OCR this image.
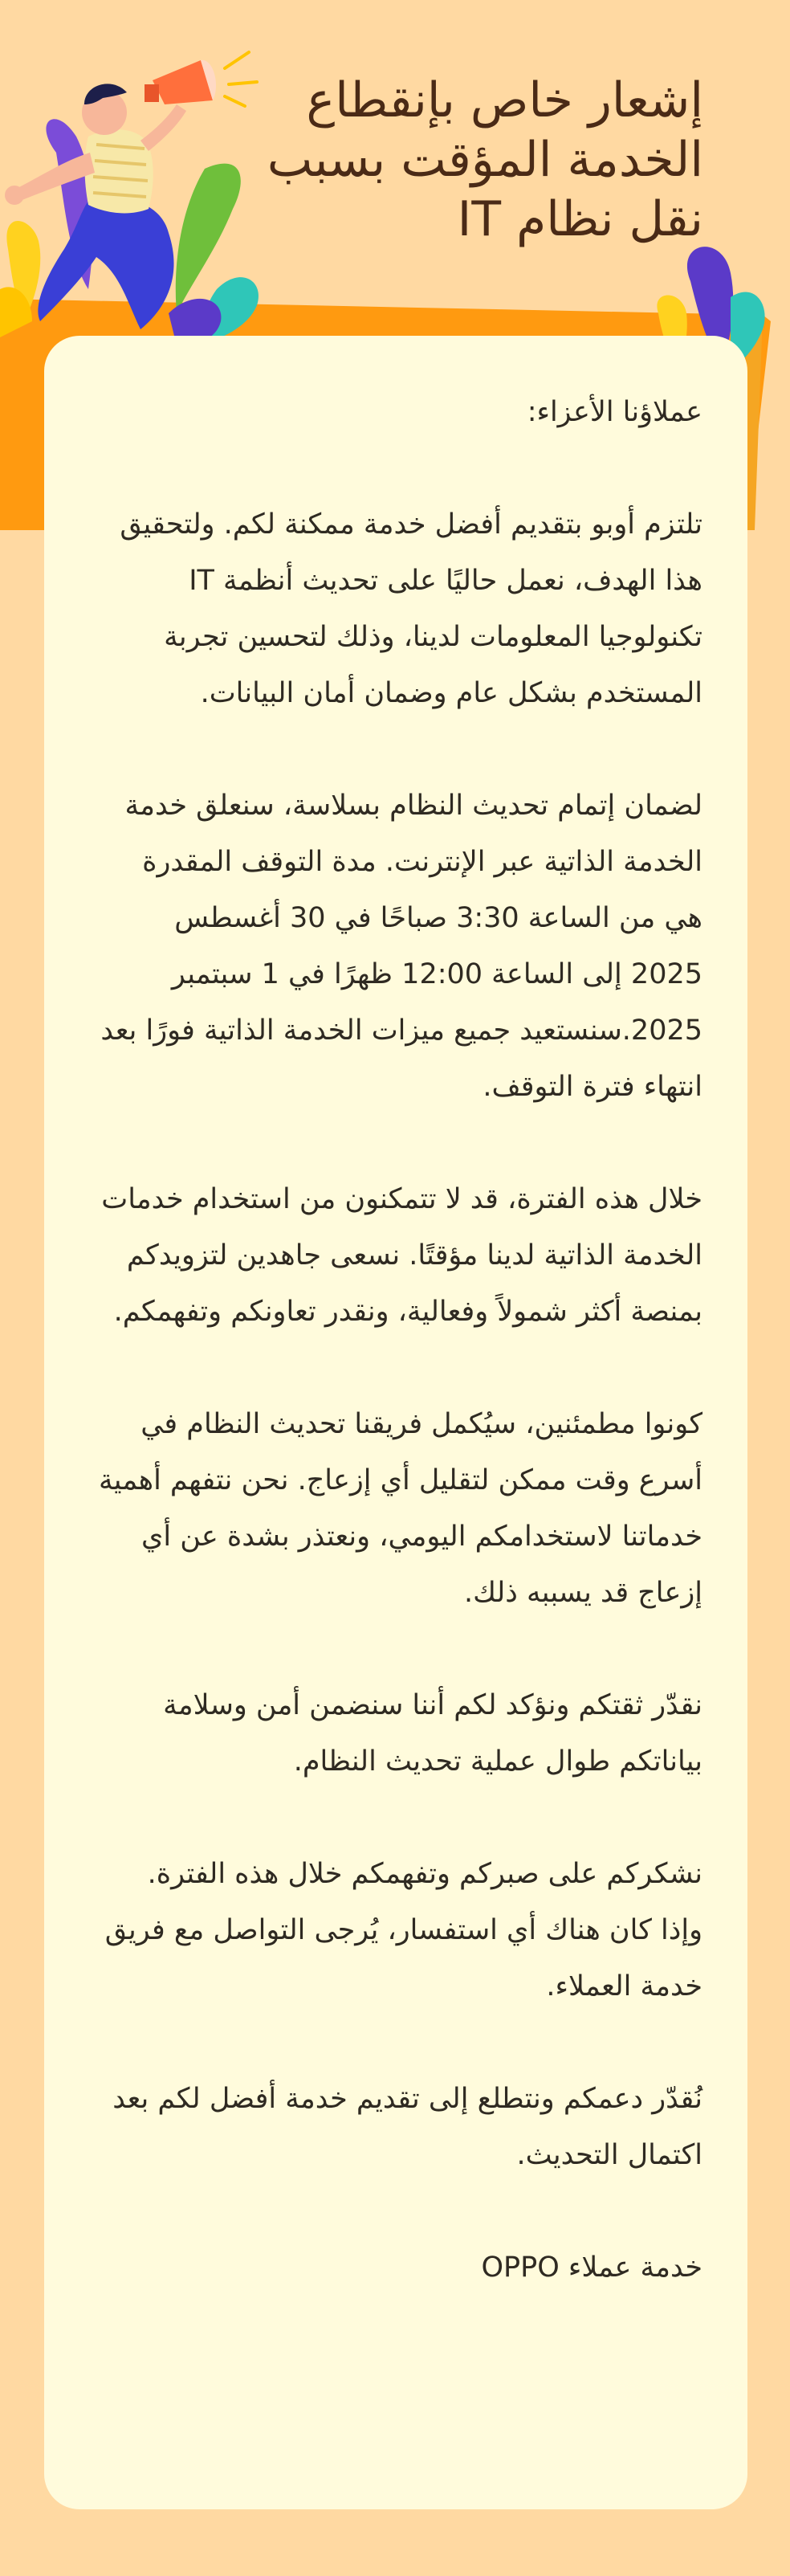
إشعار خاص بإنقطاع الخدمة المؤقت بسبب نقل نظام IT

عملاؤنا الأعزاء:

تلتزم أوبو بتقديم أفضل خدمة ممكنة لكم. ولتحقيق هذا الهدف، نعمل حاليًا على تحديث أنظمة IT تكنولوجيا المعلومات لدينا، وذلك لتحسين تجربة المستخدم بشكل عام وضمان أمان البيانات.

لضمان إتمام تحديث النظام بسلاسة، سنعلق خدمة الخدمة الذاتية عبر الإنترنت. مدة التوقف المقدرة هي من الساعة 3:30 صباحًا في 30 أغسطس 2025 إلى الساعة 12:00 ظهرًا في 1 سبتمبر 2025.سنستعيد جميع ميزات الخدمة الذاتية فورًا بعد انتهاء فترة التوقف.

خلال هذه الفترة، قد لا تتمكنون من استخدام خدمات الخدمة الذاتية لدينا مؤقتًا. نسعى جاهدين لتزويدكم بمنصة أكثر شمولاً وفعالية، ونقدر تعاونكم وتفهمكم.

كونوا مطمئنين، سيُكمل فريقنا تحديث النظام في أسرع وقت ممكن لتقليل أي إزعاج. نحن نتفهم أهمية خدماتنا لاستخدامكم اليومي، ونعتذر بشدة عن أي إزعاج قد يسببه ذلك.

نقدّر ثقتكم ونؤكد لكم أننا سنضمن أمن وسلامة بياناتكم طوال عملية تحديث النظام.

نشكركم على صبركم وتفهمكم خلال هذه الفترة. وإذا كان هناك أي استفسار، يُرجى التواصل مع فريق خدمة العملاء.

نُقدّر دعمكم ونتطلع إلى تقديم خدمة أفضل لكم بعد اكتمال التحديث.

خدمة عملاء OPPO
